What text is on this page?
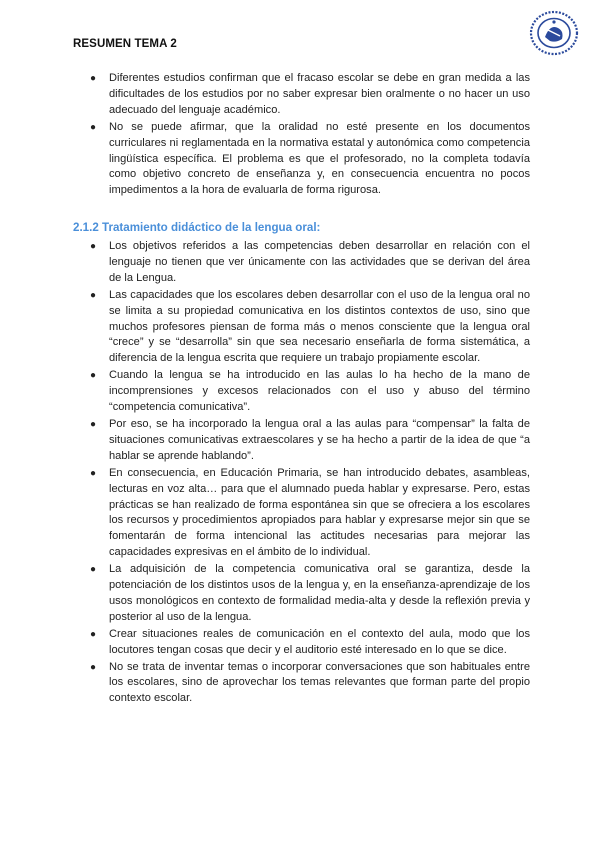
RESUMEN TEMA 2
● Diferentes estudios confirman que el fracaso escolar se debe en gran medida a las dificultades de los estudios por no saber expresar bien oralmente o no hacer un uso adecuado del lenguaje académico.
● No se puede afirmar, que la oralidad no esté presente en los documentos curriculares ni reglamentada en la normativa estatal y autonómica como competencia lingüística específica. El problema es que el profesorado, no la completa todavía como objetivo concreto de enseñanza y, en consecuencia encuentra no pocos impedimentos a la hora de evaluarla de forma rigurosa.
2.1.2 Tratamiento didáctico de la lengua oral:
● Los objetivos referidos a las competencias deben desarrollar en relación con el lenguaje no tienen que ver únicamente con las actividades que se derivan del área de la Lengua.
● Las capacidades que los escolares deben desarrollar con el uso de la lengua oral no se limita a su propiedad comunicativa en los distintos contextos de uso, sino que muchos profesores piensan de forma más o menos consciente que la lengua oral “crece” y se “desarrolla” sin que sea necesario enseñarla de forma sistemática, a diferencia de la lengua escrita que requiere un trabajo propiamente escolar.
● Cuando la lengua se ha introducido en las aulas lo ha hecho de la mano de incomprensiones y excesos relacionados con el uso y abuso del término “competencia comunicativa”.
● Por eso, se ha incorporado la lengua oral a las aulas para “compensar” la falta de situaciones comunicativas extraescolares y se ha hecho a partir de la idea de que “a hablar se aprende hablando”.
● En consecuencia, en Educación Primaria, se han introducido debates, asambleas, lecturas en voz alta… para que el alumnado pueda hablar y expresarse. Pero, estas prácticas se han realizado de forma espontánea sin que se ofreciera a los escolares los recursos y procedimientos apropiados para hablar y expresarse mejor sin que se fomentarán de forma intencional las actitudes necesarias para mejorar las capacidades expresivas en el ámbito de lo individual.
● La adquisición de la competencia comunicativa oral se garantiza, desde la potenciación de los distintos usos de la lengua y, en la enseñanza-aprendizaje de los usos monológicos en contexto de formalidad media-alta y desde la reflexión previa y posterior al uso de la lengua.
● Crear situaciones reales de comunicación en el contexto del aula, modo que los locutores tengan cosas que decir y el auditorio esté interesado en lo que se dice.
● No se trata de inventar temas o incorporar conversaciones que son habituales entre los escolares, sino de aprovechar los temas relevantes que forman parte del propio contexto escolar.
